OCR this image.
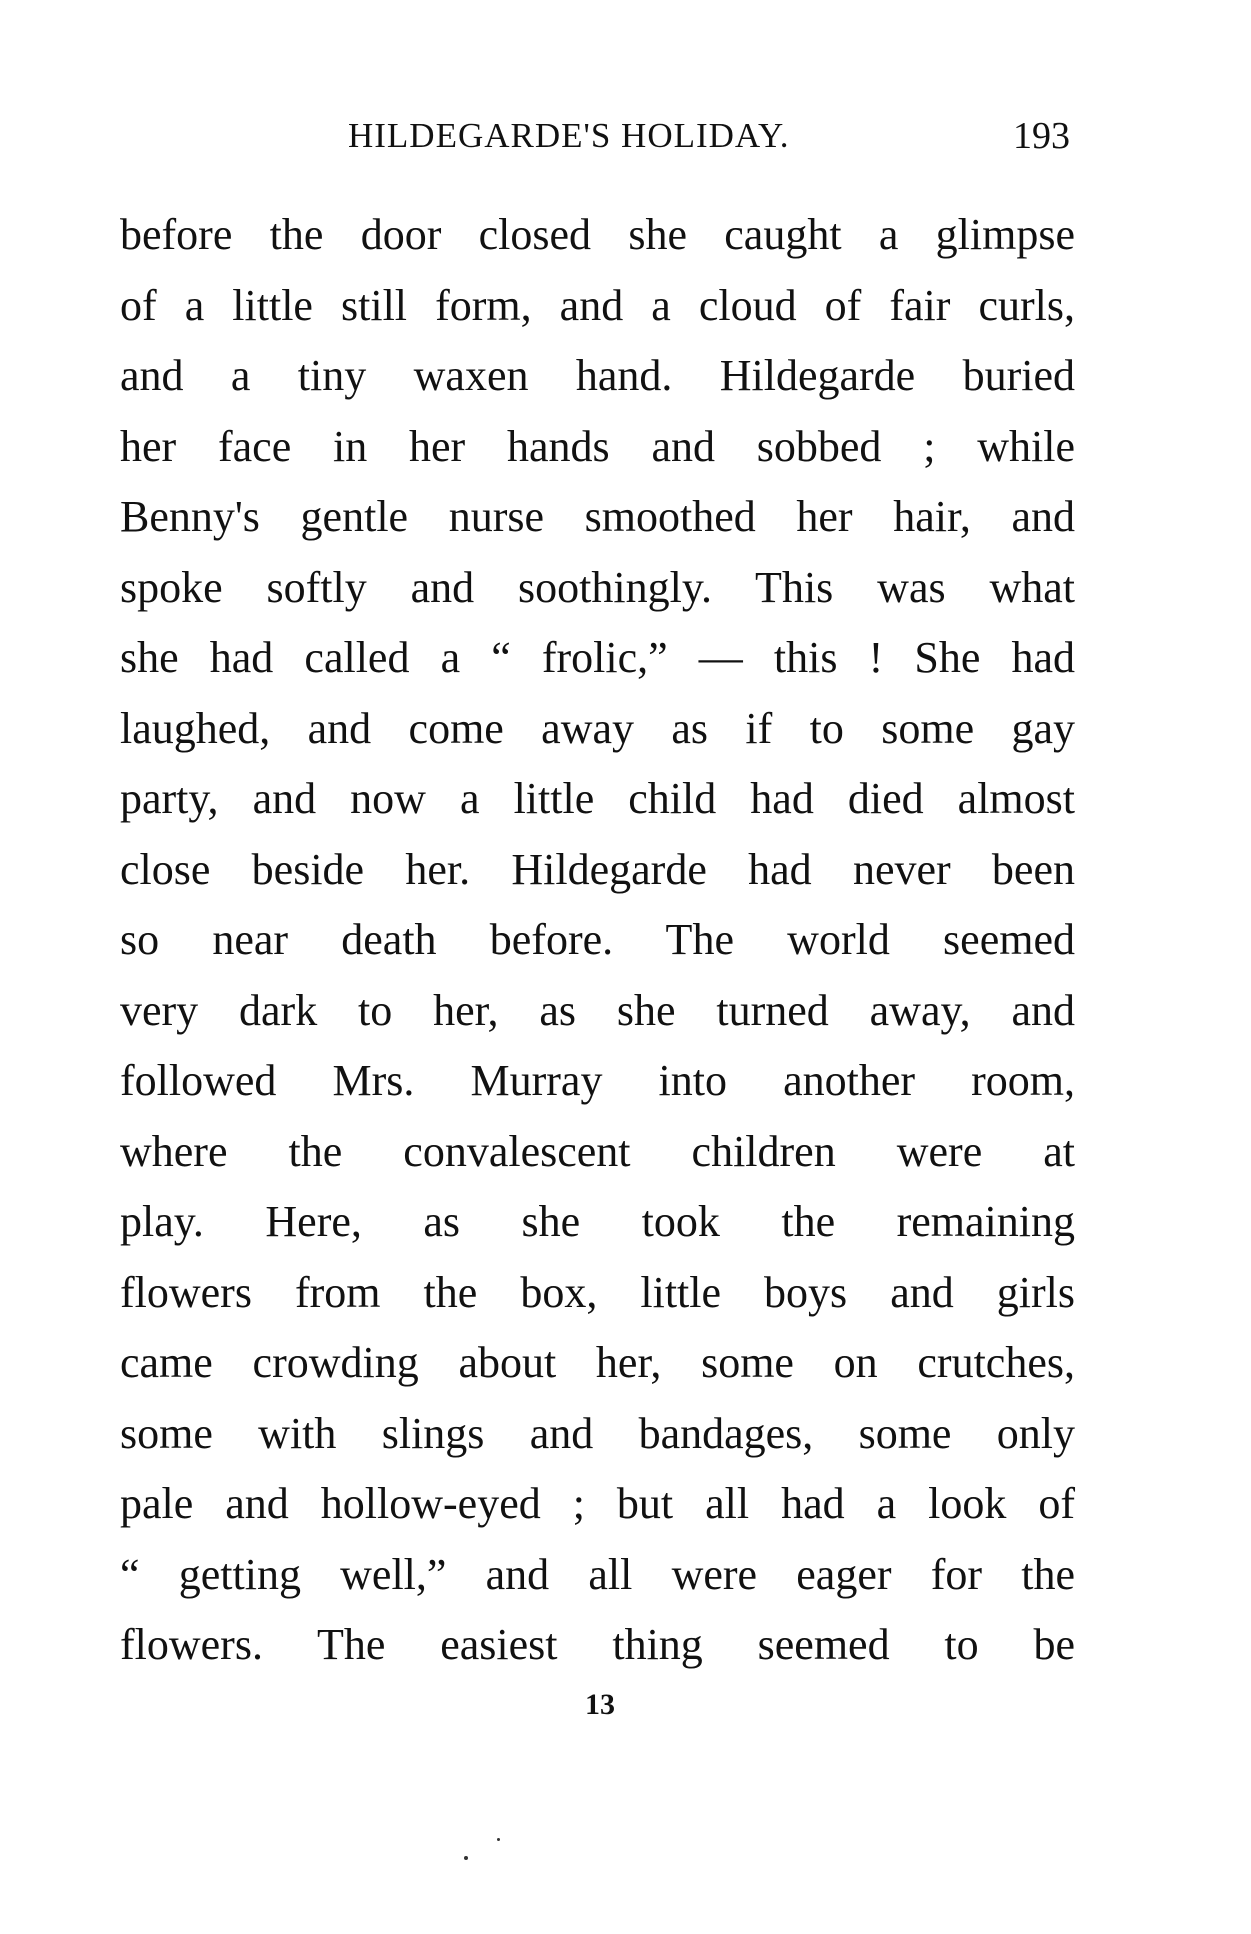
HILDEGARDE'S HOLIDAY.	193
before the door closed she caught a glimpse
of a little still form, and a cloud of fair curls,
and a tiny waxen hand. Hildegarde buried
her face in her hands and sobbed ; while
Benny's gentle nurse smoothed her hair, and
spoke softly and soothingly. This was what
she had called a “ frolic,” — this ! She had
laughed, and come away as if to some gay
party, and now a little child had died almost
close beside her. Hildegarde had never been
so near death before. The world seemed
very dark to her, as she turned away, and
followed Mrs. Murray into another room,
where the convalescent children were at
play. Here, as she took the remaining
flowers from the box, little boys and girls
came crowding about her, some on crutches,
some with slings and bandages, some only
pale and hollow-eyed ; but all had a look of
“ getting well,” and all were eager for the
flowers. The easiest thing seemed to be
13
